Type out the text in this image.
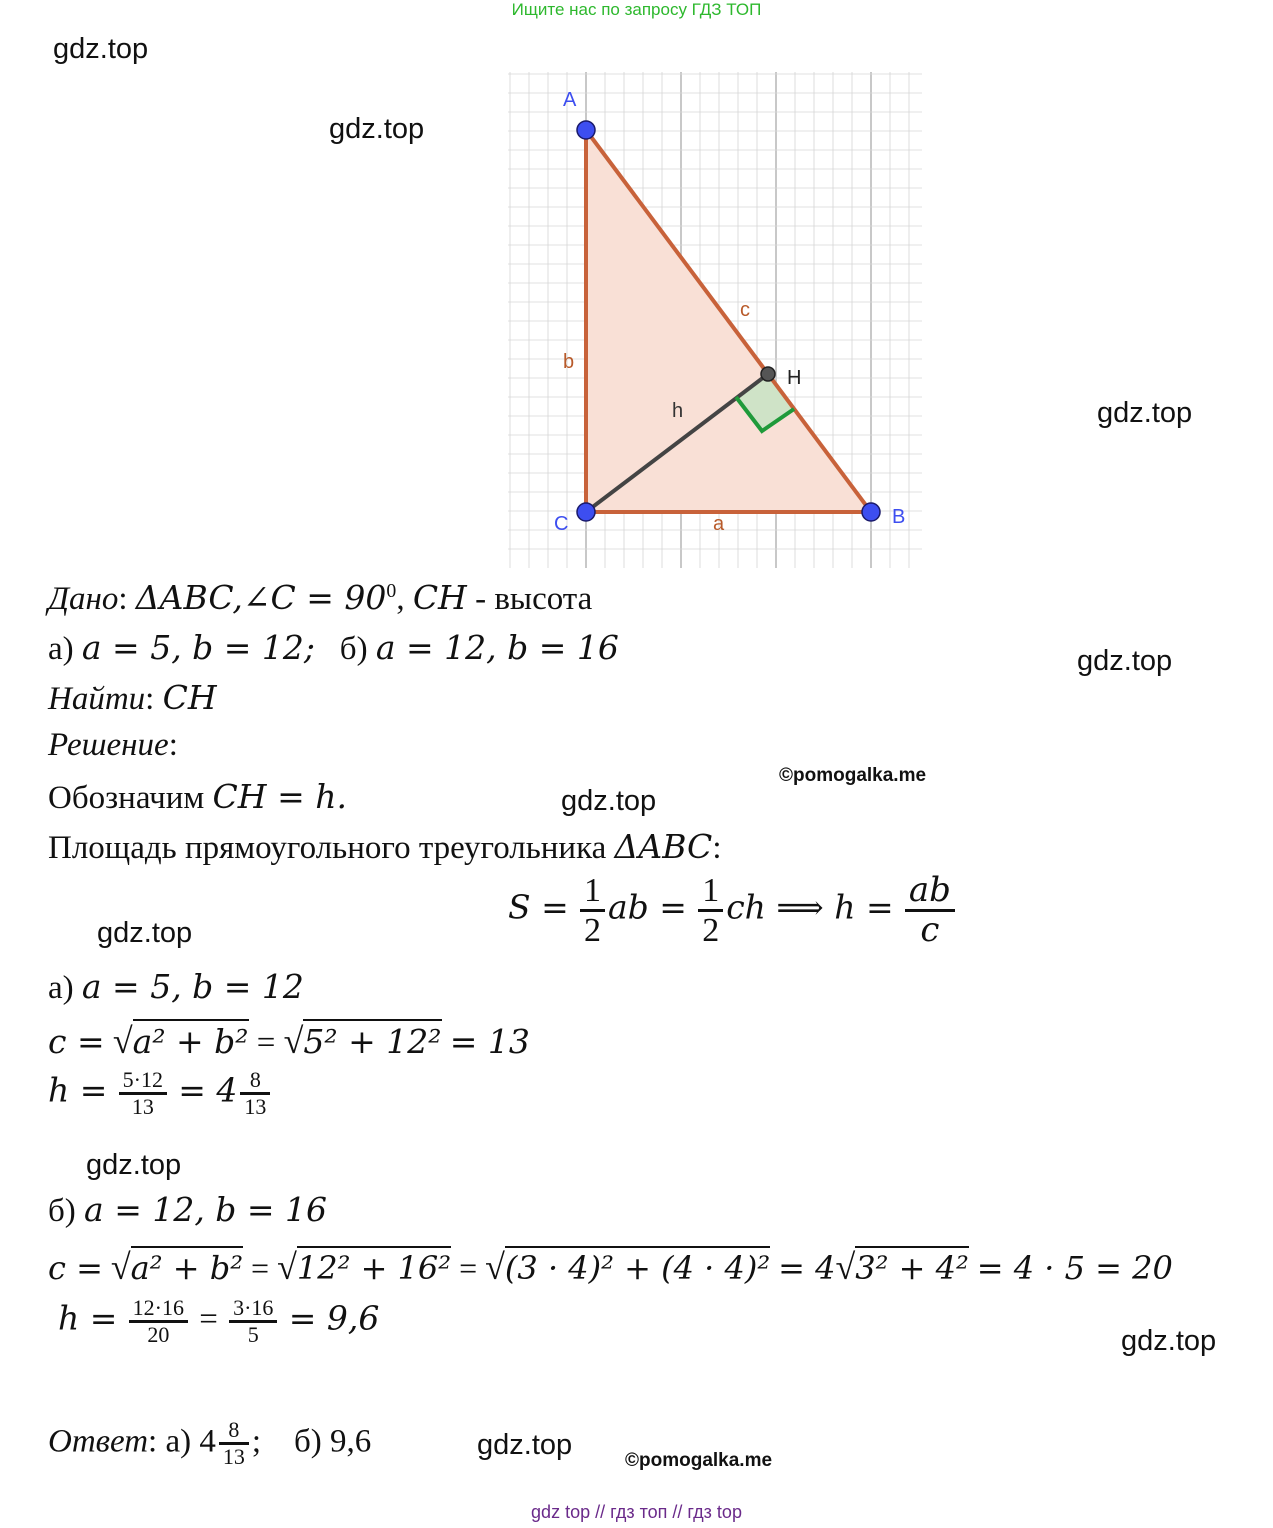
Ищите нас по запросу ГДЗ ТОП
gdz.top
gdz.top
gdz.top
gdz.top
gdz.top
gdz.top
gdz.top
gdz.top
gdz.top
©pomogalka.me
©pomogalka.me
A
C	B
H
a
b
c
h
Дано: ΔABC,∠C = $90^0$, CH - высота
а) a = 5, b = 12; б) a = 12, b = 16
Найти: CH
Решение:
Обозначим CH = h.
Площадь прямоугольного треугольника ΔABC:
$S = \frac{1}{2}$ ab = $\frac{1}{2}$ ch ⟹ $h = \frac{ab}{c}$
а) a = 5, b = 12
c = √a² + b² = √5² + 12² = 13
$h = \frac{5\cdot 12}{13} = 4 \frac{8}{13}$
б) a = 12, b = 16
c = √a² + b² = √12² + 16² = √(3 · 4)² + (4 · 4)² = 4√3² + 4² = 4 · 5 = 20
$h = \frac{12\cdot 16}{20} = \frac{3\cdot 16}{5} = 9,6$
Ответ: а) $4 \frac{8}{13}$ ; б) 9,6
gdz top // гдз топ // гдз top
